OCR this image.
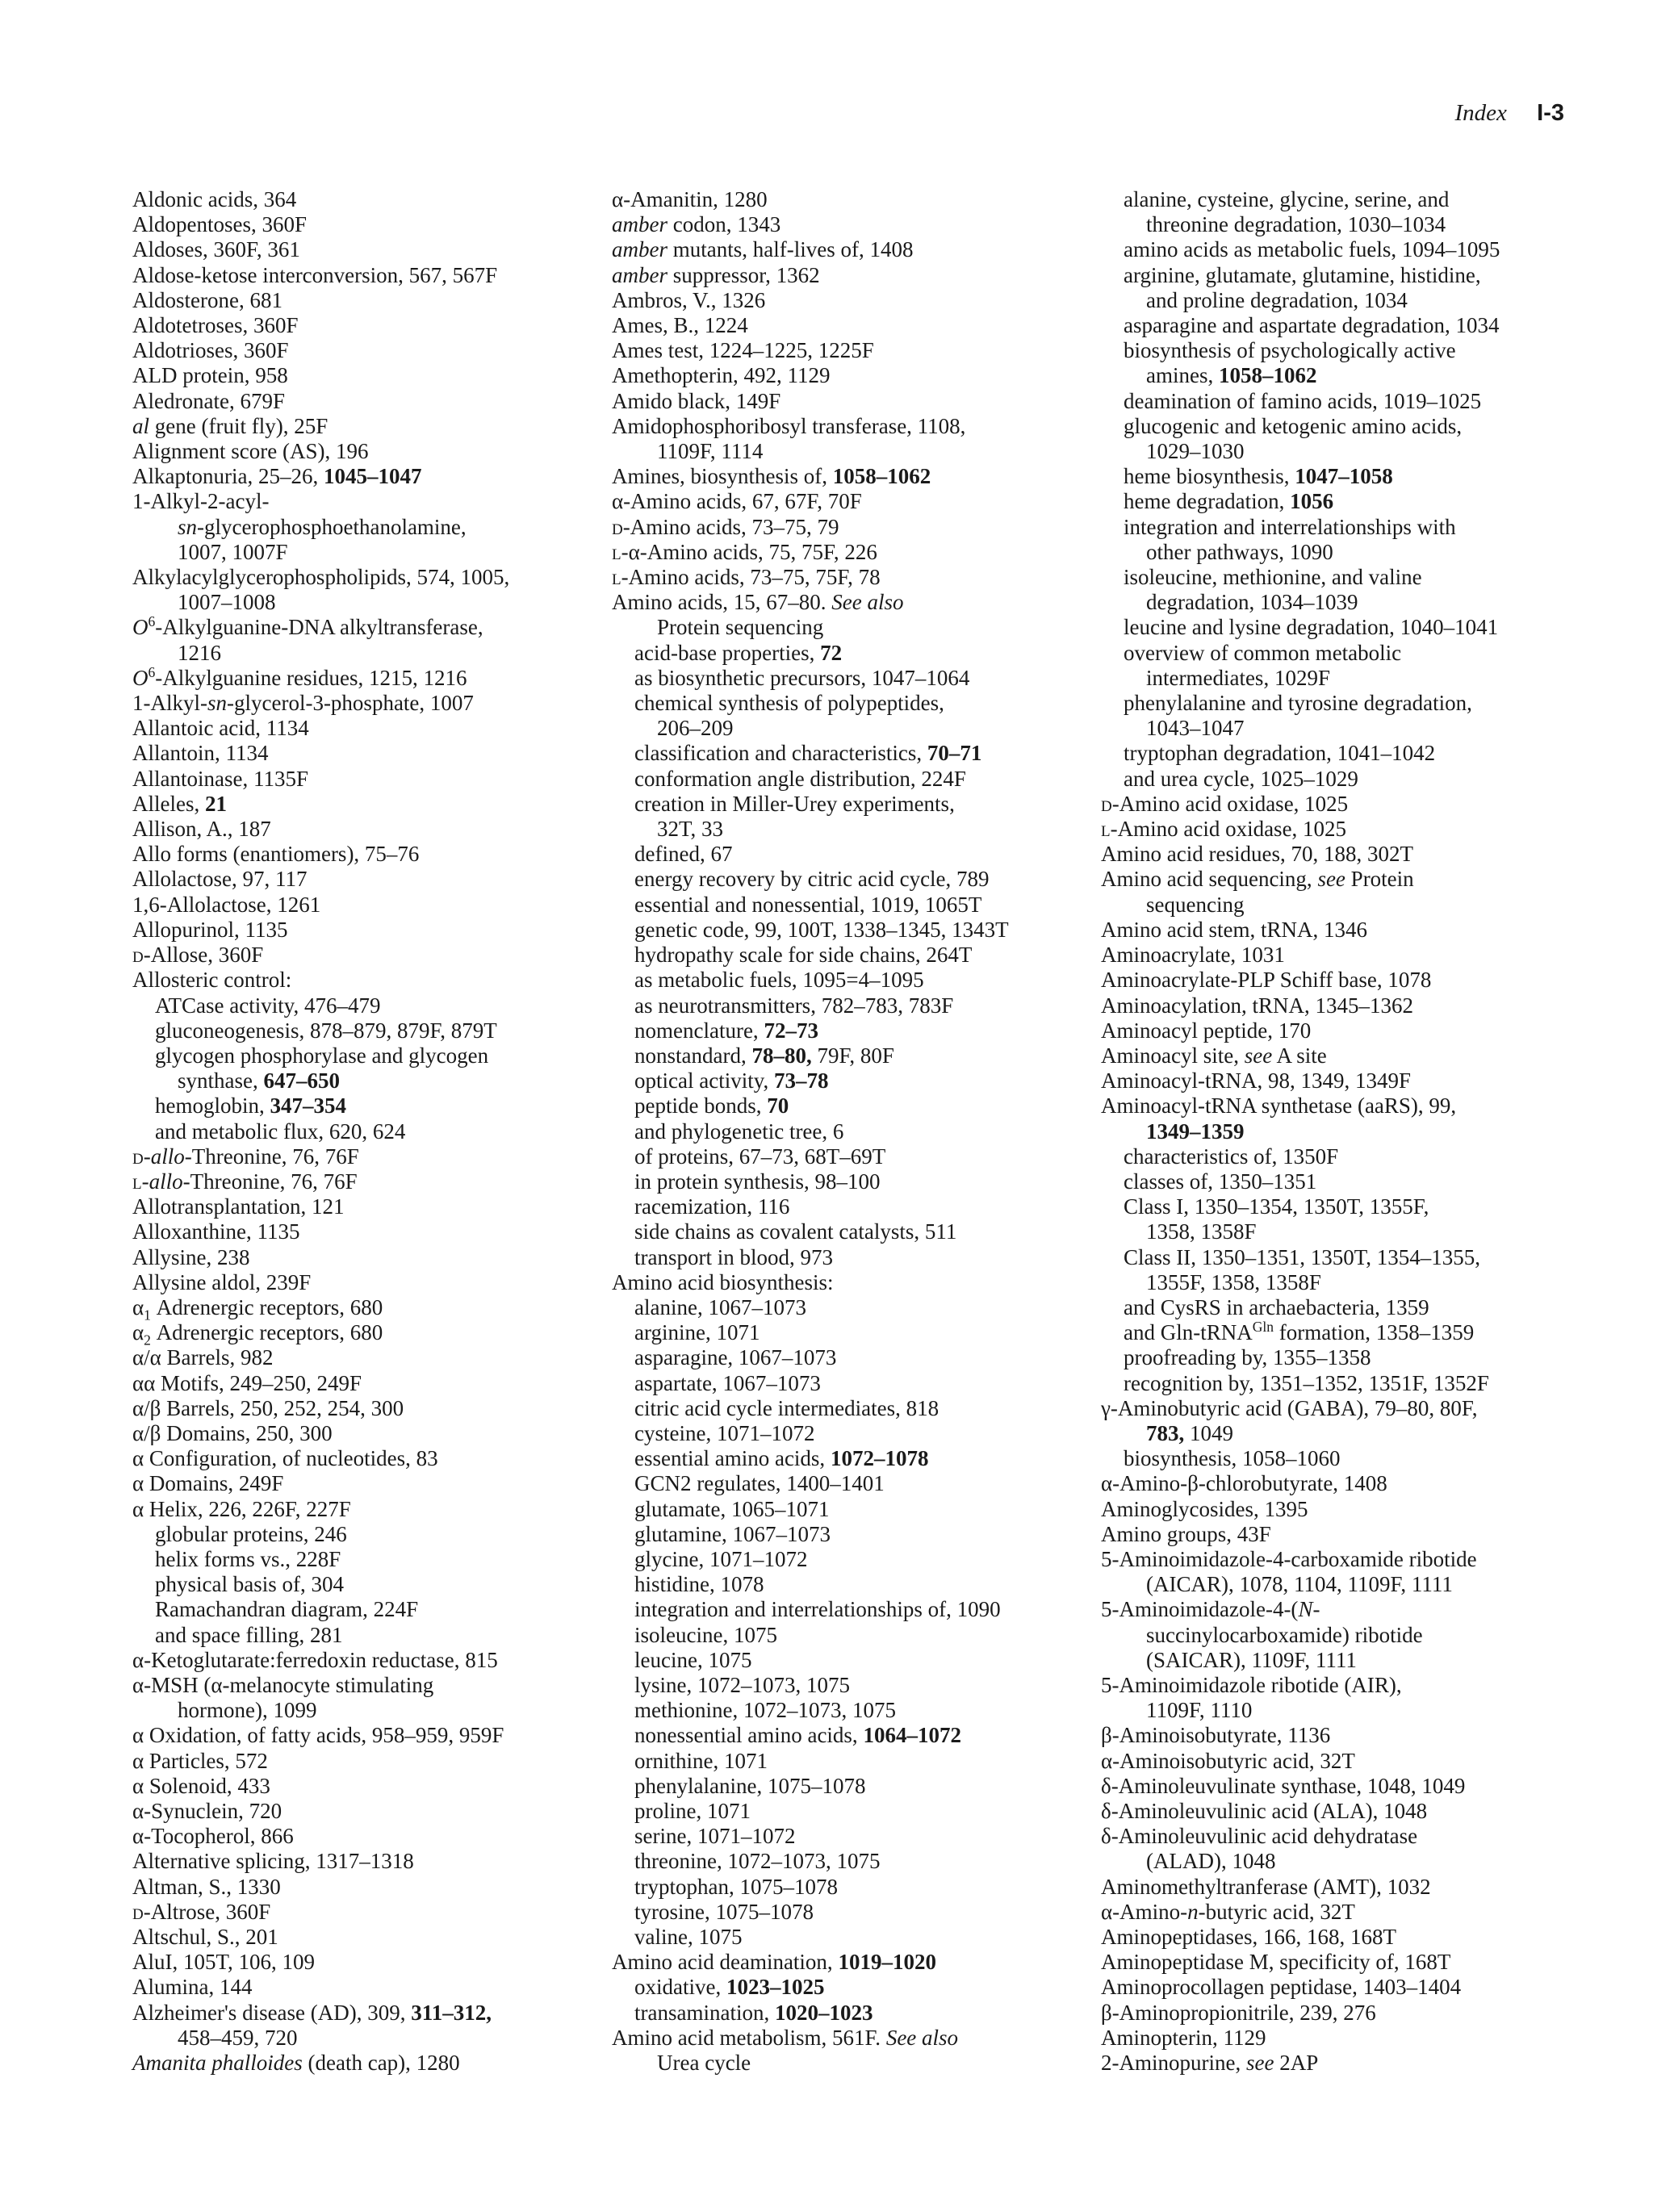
Index I-3
Aldonic acids, 364
Aldopentoses, 360F
Aldoses, 360F, 361
Aldose-ketose interconversion, 567, 567F
Aldosterone, 681
Aldotetroses, 360F
Aldotrioses, 360F
ALD protein, 958
Aledronate, 679F
al gene (fruit fly), 25F
Alignment score (AS), 196
Alkaptonuria, 25–26, 1045–1047
1-Alkyl-2-acyl-
sn-glycerophosphoethanolamine,
1007, 1007F
Alkylacylglycerophospholipids, 574, 1005,
1007–1008
$O^6-Alkylguanine$-DNA alkyltransferase,
1216
$O^6$-Alkylguanine residues, 1215, 1216
1-Alkyl-sn-glycerol-3-phosphate, 1007
Allantoic acid, 1134
Allantoin, 1134
Allantoinase, 1135F
Alleles, 21
Allison, A., 187
Allo forms (enantiomers), 75–76
Allolactose, 97, 117
1,6-Allolactose, 1261
Allopurinol, 1135
d-Allose, 360F
Allosteric control:
ATCase activity, 476–479
gluconeogenesis, 878–879, 879F, 879T
glycogen phosphorylase and glycogen
synthase, 647–650
hemoglobin, 347–354
and metabolic flux, 620, 624
d-allo-Threonine, 76, 76F
l-allo-Threonine, 76, 76F
Allotransplantation, 121
Alloxanthine, 1135
Allysine, 238
Allysine aldol, 239F
$\alpha_1$ Adrenergic receptors, 680
$\alpha_2$ Adrenergic receptors, 680
α/α Barrels, 982
αα Motifs, 249–250, 249F
α/β Barrels, 250, 252, 254, 300
α/β Domains, 250, 300
α Configuration, of nucleotides, 83
α Domains, 249F
α Helix, 226, 226F, 227F
globular proteins, 246
helix forms vs., 228F
physical basis of, 304
Ramachandran diagram, 224F
and space filling, 281
α-Ketoglutarate:ferredoxin reductase, 815
α-MSH (α-melanocyte stimulating
hormone), 1099
α Oxidation, of fatty acids, 958–959, 959F
α Particles, 572
α Solenoid, 433
α-Synuclein, 720
α-Tocopherol, 866
Alternative splicing, 1317–1318
Altman, S., 1330
d-Altrose, 360F
Altschul, S., 201
AluI, 105T, 106, 109
Alumina, 144
Alzheimer's disease (AD), 309, 311–312,
458–459, 720
Amanita phalloides (death cap), 1280
α-Amanitin, 1280
amber codon, 1343
amber mutants, half-lives of, 1408
amber suppressor, 1362
Ambros, V., 1326
Ames, B., 1224
Ames test, 1224–1225, 1225F
Amethopterin, 492, 1129
Amido black, 149F
Amidophosphoribosyl transferase, 1108,
1109F, 1114
Amines, biosynthesis of, 1058–1062
α-Amino acids, 67, 67F, 70F
d-Amino acids, 73–75, 79
l-α-Amino acids, 75, 75F, 226
l-Amino acids, 73–75, 75F, 78
Amino acids, 15, 67–80. See also
Protein sequencing
acid-base properties, 72
as biosynthetic precursors, 1047–1064
chemical synthesis of polypeptides,
206–209
classification and characteristics, 70–71
conformation angle distribution, 224F
creation in Miller-Urey experiments,
32T, 33
defined, 67
energy recovery by citric acid cycle, 789
essential and nonessential, 1019, 1065T
genetic code, 99, 100T, 1338–1345, 1343T
hydropathy scale for side chains, 264T
as metabolic fuels, 1095=4–1095
as neurotransmitters, 782–783, 783F
nomenclature, 72–73
nonstandard, 78–80, 79F, 80F
optical activity, 73–78
peptide bonds, 70
and phylogenetic tree, 6
of proteins, 67–73, 68T–69T
in protein synthesis, 98–100
racemization, 116
side chains as covalent catalysts, 511
transport in blood, 973
Amino acid biosynthesis:
alanine, 1067–1073
arginine, 1071
asparagine, 1067–1073
aspartate, 1067–1073
citric acid cycle intermediates, 818
cysteine, 1071–1072
essential amino acids, 1072–1078
GCN2 regulates, 1400–1401
glutamate, 1065–1071
glutamine, 1067–1073
glycine, 1071–1072
histidine, 1078
integration and interrelationships of, 1090
isoleucine, 1075
leucine, 1075
lysine, 1072–1073, 1075
methionine, 1072–1073, 1075
nonessential amino acids, 1064–1072
ornithine, 1071
phenylalanine, 1075–1078
proline, 1071
serine, 1071–1072
threonine, 1072–1073, 1075
tryptophan, 1075–1078
tyrosine, 1075–1078
valine, 1075
Amino acid deamination, 1019–1020
oxidative, 1023–1025
transamination, 1020–1023
Amino acid metabolism, 561F. See also
Urea cycle
alanine, cysteine, glycine, serine, and
threonine degradation, 1030–1034
amino acids as metabolic fuels, 1094–1095
arginine, glutamate, glutamine, histidine,
and proline degradation, 1034
asparagine and aspartate degradation, 1034
biosynthesis of psychologically active
amines, 1058–1062
deamination of famino acids, 1019–1025
glucogenic and ketogenic amino acids,
1029–1030
heme biosynthesis, 1047–1058
heme degradation, 1056
integration and interrelationships with
other pathways, 1090
isoleucine, methionine, and valine
degradation, 1034–1039
leucine and lysine degradation, 1040–1041
overview of common metabolic
intermediates, 1029F
phenylalanine and tyrosine degradation,
1043–1047
tryptophan degradation, 1041–1042
and urea cycle, 1025–1029
d-Amino acid oxidase, 1025
l-Amino acid oxidase, 1025
Amino acid residues, 70, 188, 302T
Amino acid sequencing, see Protein
sequencing
Amino acid stem, tRNA, 1346
Aminoacrylate, 1031
Aminoacrylate-PLP Schiff base, 1078
Aminoacylation, tRNA, 1345–1362
Aminoacyl peptide, 170
Aminoacyl site, see A site
Aminoacyl-tRNA, 98, 1349, 1349F
Aminoacyl-tRNA synthetase (aaRS), 99,
1349–1359
characteristics of, 1350F
classes of, 1350–1351
Class I, 1350–1354, 1350T, 1355F,
1358, 1358F
Class II, 1350–1351, 1350T, 1354–1355,
1355F, 1358, 1358F
and CysRS in archaebacteria, 1359
and Gln-tRNA$^{Gln}$ formation, 1358–1359
proofreading by, 1355–1358
recognition by, 1351–1352, 1351F, 1352F
γ-Aminobutyric acid (GABA), 79–80, 80F,
783, 1049
biosynthesis, 1058–1060
α-Amino-β-chlorobutyrate, 1408
Aminoglycosides, 1395
Amino groups, 43F
5-Aminoimidazole-4-carboxamide ribotide
(AICAR), 1078, 1104, 1109F, 1111
5-Aminoimidazole-4-(N-
succinylocarboxamide) ribotide
(SAICAR), 1109F, 1111
5-Aminoimidazole ribotide (AIR),
1109F, 1110
β-Aminoisobutyrate, 1136
α-Aminoisobutyric acid, 32T
δ-Aminoleuvulinate synthase, 1048, 1049
δ-Aminoleuvulinic acid (ALA), 1048
δ-Aminoleuvulinic acid dehydratase
(ALAD), 1048
Aminomethyltranferase (AMT), 1032
α-Amino-n-butyric acid, 32T
Aminopeptidases, 166, 168, 168T
Aminopeptidase M, specificity of, 168T
Aminoprocollagen peptidase, 1403–1404
β-Aminopropionitrile, 239, 276
Aminopterin, 1129
2-Aminopurine, see 2AP
